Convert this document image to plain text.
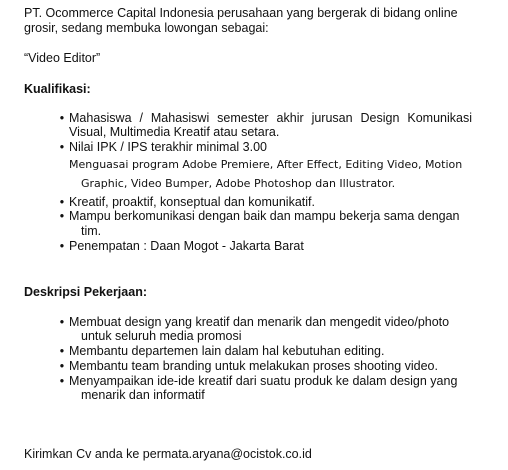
PT. Ocommerce Capital Indonesia perusahaan yang bergerak di bidang online
grosir, sedang membuka lowongan sebagai:
“Video Editor”
Kualifikasi:
• Mahasiswa / Mahasiswi semester akhir jurusan Design Komunikasi
Visual, Multimedia Kreatif atau setara.
• Nilai IPK / IPS terakhir minimal 3.00
Menguasai program Adobe Premiere, After Effect, Editing Video, Motion
Graphic, Video Bumper, Adobe Photoshop dan Illustrator.
• Kreatif, proaktif, konseptual dan komunikatif.
• Mampu berkomunikasi dengan baik dan mampu bekerja sama dengan
tim.
• Penempatan : Daan Mogot - Jakarta Barat
Deskripsi Pekerjaan:
• Membuat design yang kreatif dan menarik dan mengedit video/photo
untuk seluruh media promosi
• Membantu departemen lain dalam hal kebutuhan editing.
• Membantu team branding untuk melakukan proses shooting video.
• Menyampaikan ide-ide kreatif dari suatu produk ke dalam design yang
menarik dan informatif
Kirimkan Cv anda ke permata.aryana@ocistok.co.id
